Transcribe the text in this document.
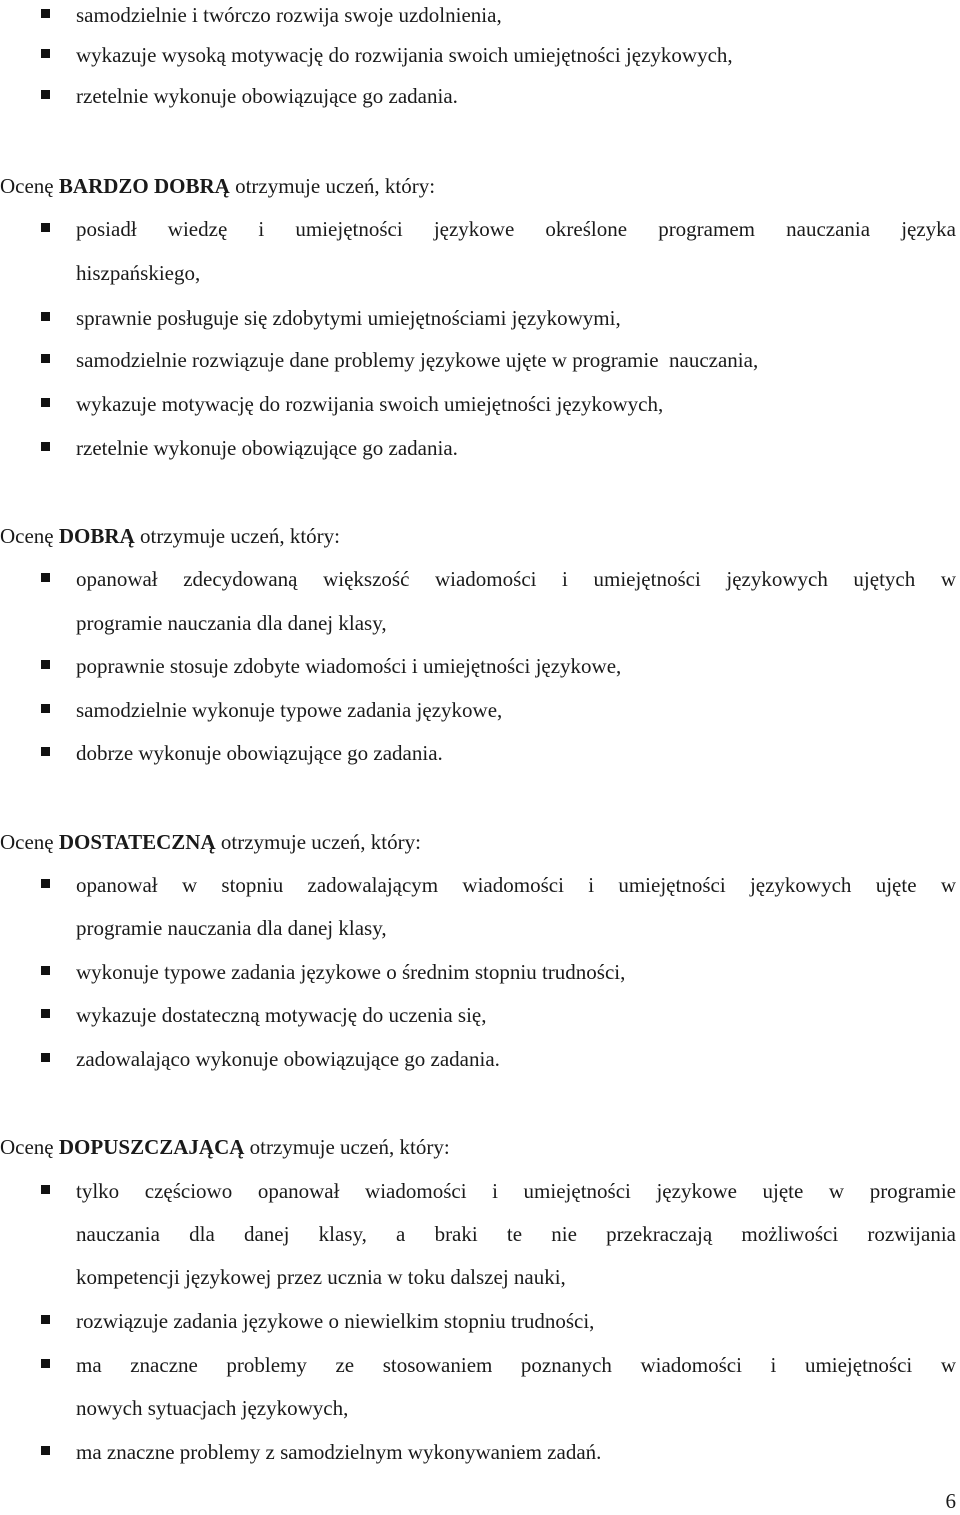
samodzielnie i twórczo rozwija swoje uzdolnienia,
wykazuje wysoką motywację do rozwijania swoich umiejętności językowych,
rzetelnie wykonuje obowiązujące go zadania.
Ocenę BARDZO DOBRĄ otrzymuje uczeń, który:
posiadł wiedzę i umiejętności językowe określone programem nauczania języka
hiszpańskiego,
sprawnie posługuje się zdobytymi umiejętnościami językowymi,
samodzielnie rozwiązuje dane problemy językowe ujęte w programie  nauczania,
wykazuje motywację do rozwijania swoich umiejętności językowych,
rzetelnie wykonuje obowiązujące go zadania.
Ocenę DOBRĄ otrzymuje uczeń, który:
opanował zdecydowaną większość wiadomości i umiejętności językowych ujętych w
programie nauczania dla danej klasy,
poprawnie stosuje zdobyte wiadomości i umiejętności językowe,
samodzielnie wykonuje typowe zadania językowe,
dobrze wykonuje obowiązujące go zadania.
Ocenę DOSTATECZNĄ otrzymuje uczeń, który:
opanował w stopniu zadowalającym wiadomości i umiejętności językowych ujęte w
programie nauczania dla danej klasy,
wykonuje typowe zadania językowe o średnim stopniu trudności,
wykazuje dostateczną motywację do uczenia się,
zadowalająco wykonuje obowiązujące go zadania.
Ocenę DOPUSZCZAJĄCĄ otrzymuje uczeń, który:
tylko częściowo opanował wiadomości i umiejętności językowe ujęte w programie
nauczania dla danej klasy, a braki te nie przekraczają możliwości rozwijania
kompetencji językowej przez ucznia w toku dalszej nauki,
rozwiązuje zadania językowe o niewielkim stopniu trudności,
ma znaczne problemy ze stosowaniem poznanych wiadomości i umiejętności w
nowych sytuacjach językowych,
ma znaczne problemy z samodzielnym wykonywaniem zadań.
6
